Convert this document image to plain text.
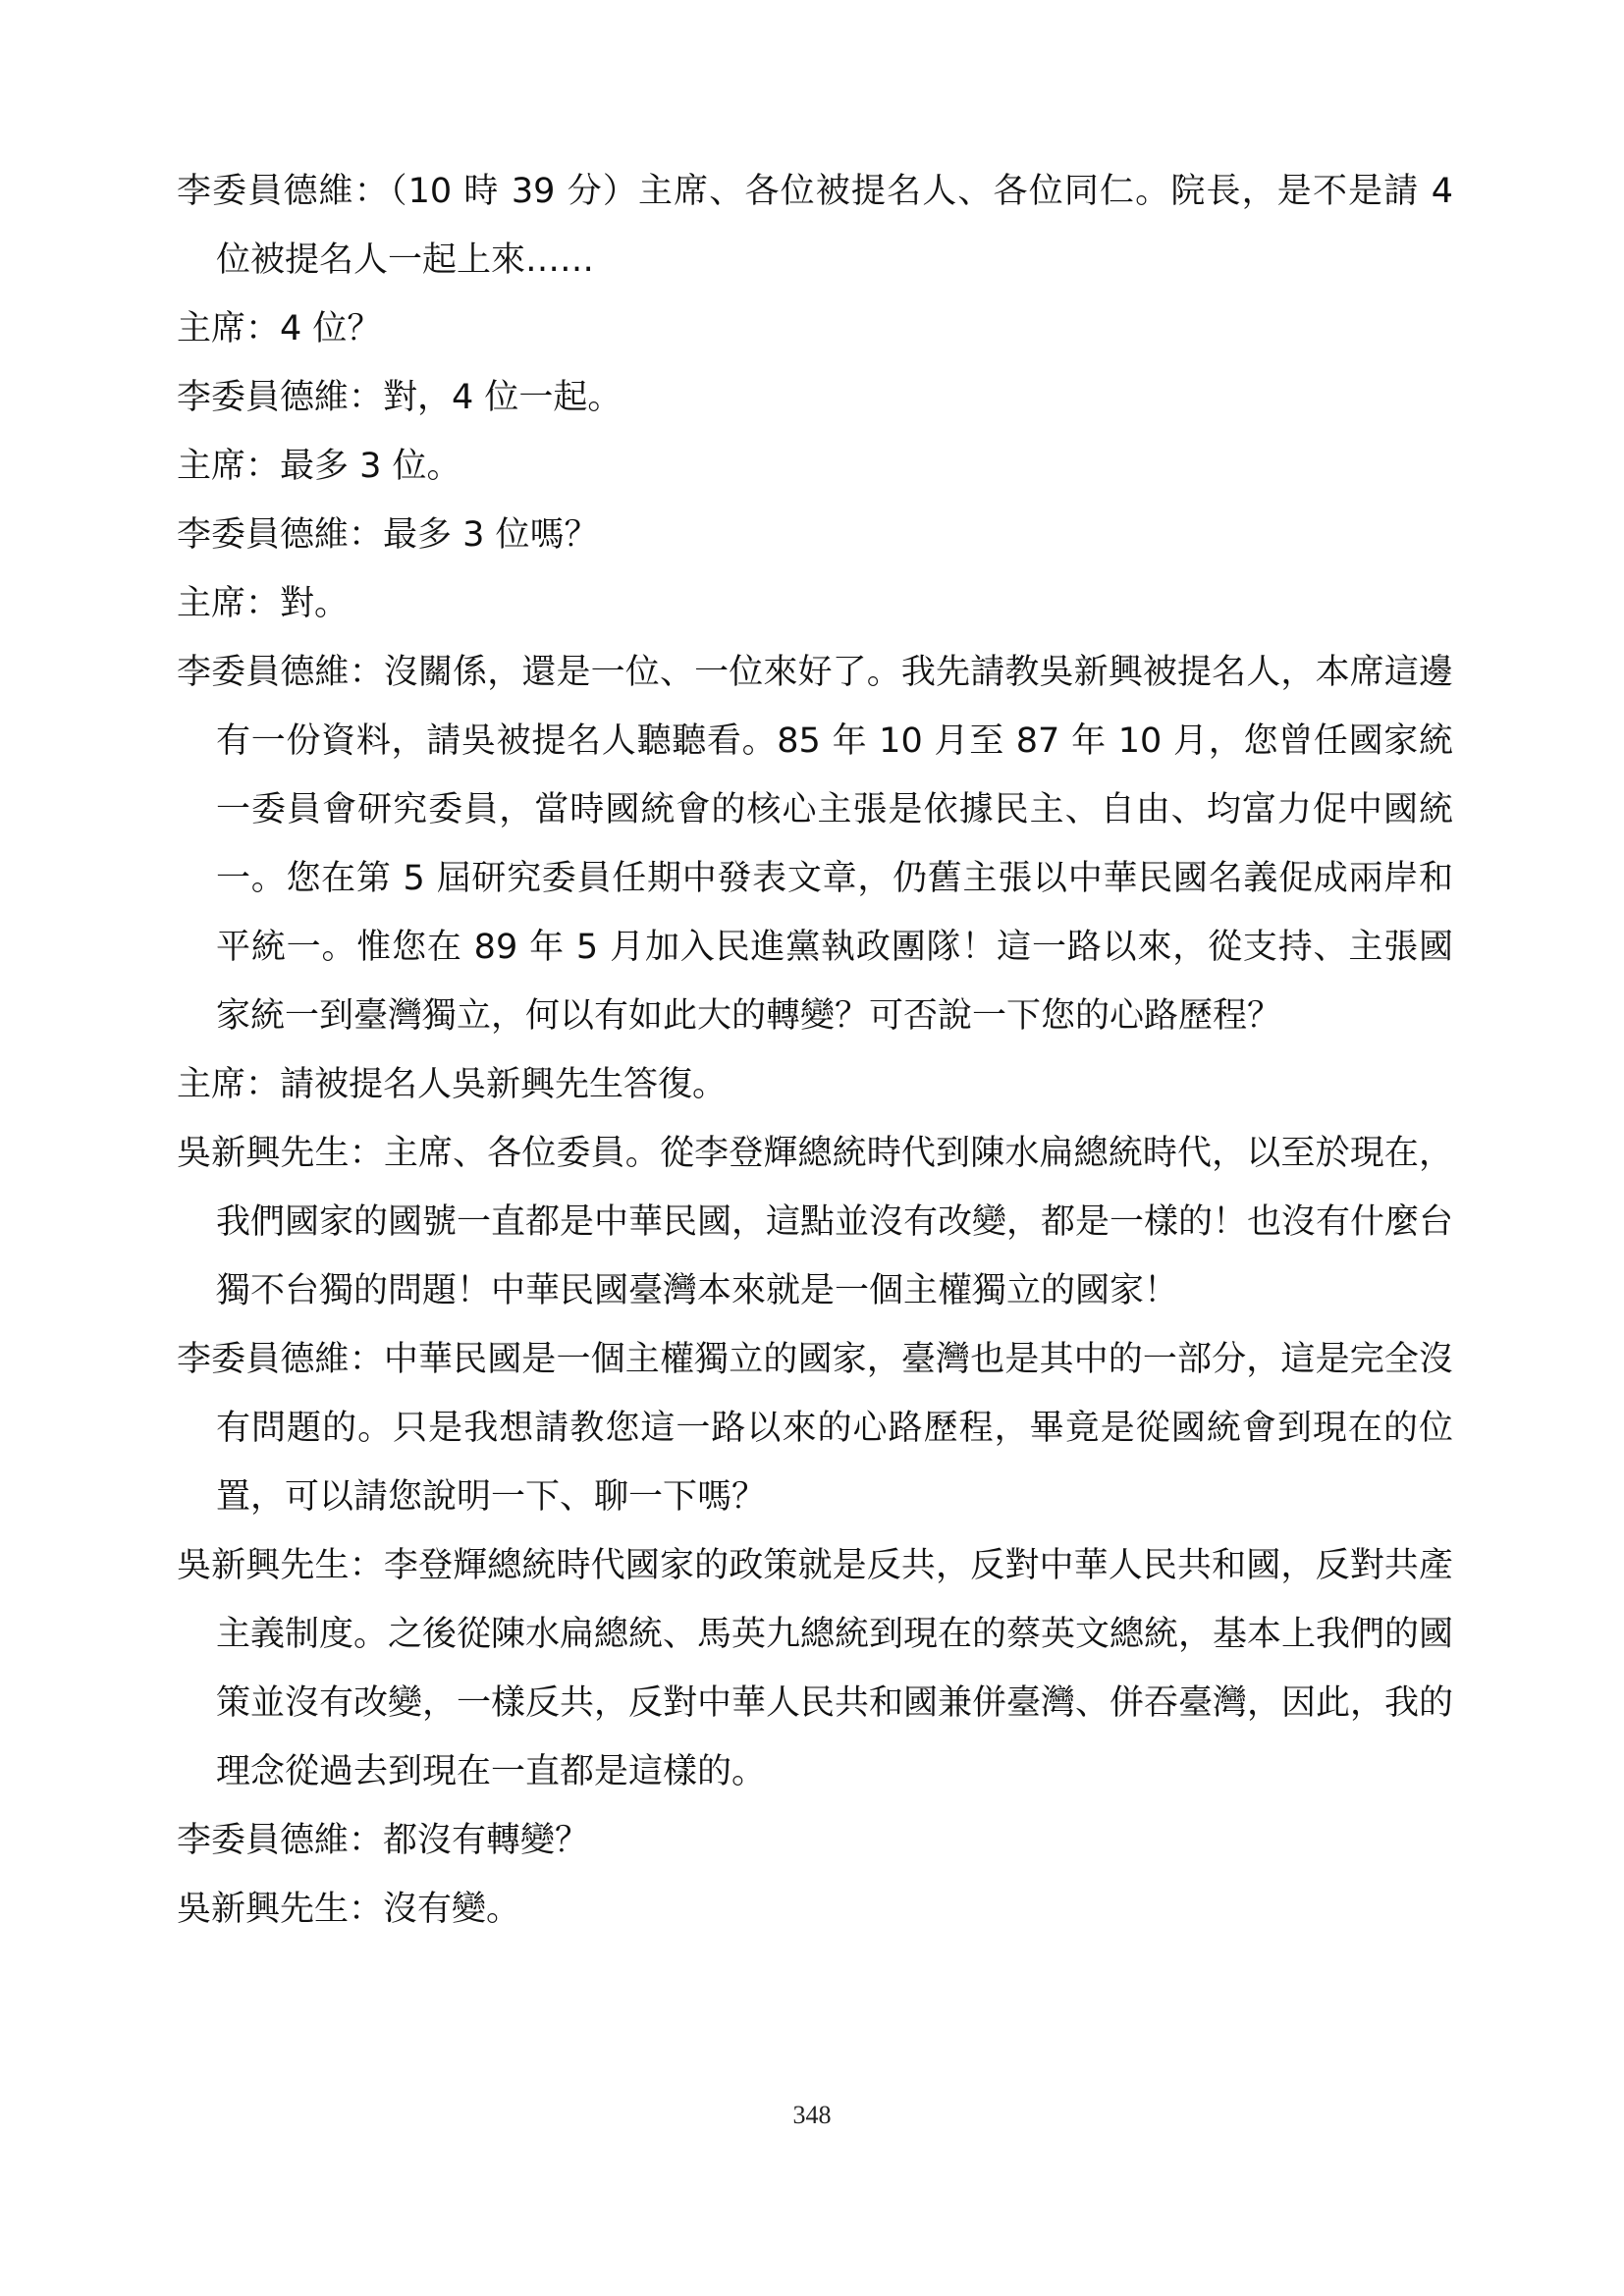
李委員德維：（10 時 39 分）主席、各位被提名人、各位同仁。院長，是不是請 4 位被提名人一起上來……

主席：4 位？

李委員德維：對，4 位一起。

主席：最多 3 位。

李委員德維：最多 3 位嗎？

主席：對。

李委員德維：沒關係，還是一位、一位來好了。我先請教吳新興被提名人，本席這邊有一份資料，請吳被提名人聽聽看。85 年 10 月至 87 年 10 月，您曾任國家統一委員會研究委員，當時國統會的核心主張是依據民主、自由、均富力促中國統一。您在第 5 屆研究委員任期中發表文章，仍舊主張以中華民國名義促成兩岸和平統一。惟您在 89 年 5 月加入民進黨執政團隊！這一路以來，從支持、主張國家統一到臺灣獨立，何以有如此大的轉變？可否說一下您的心路歷程？

主席：請被提名人吳新興先生答復。

吳新興先生：主席、各位委員。從李登輝總統時代到陳水扁總統時代，以至於現在，我們國家的國號一直都是中華民國，這點並沒有改變，都是一樣的！也沒有什麼台獨不台獨的問題！中華民國臺灣本來就是一個主權獨立的國家！

李委員德維：中華民國是一個主權獨立的國家，臺灣也是其中的一部分，這是完全沒有問題的。只是我想請教您這一路以來的心路歷程，畢竟是從國統會到現在的位置，可以請您說明一下、聊一下嗎？

吳新興先生：李登輝總統時代國家的政策就是反共，反對中華人民共和國，反對共產主義制度。之後從陳水扁總統、馬英九總統到現在的蔡英文總統，基本上我們的國策並沒有改變，一樣反共，反對中華人民共和國兼併臺灣、併吞臺灣，因此，我的理念從過去到現在一直都是這樣的。

李委員德維：都沒有轉變？

吳新興先生：沒有變。

348
